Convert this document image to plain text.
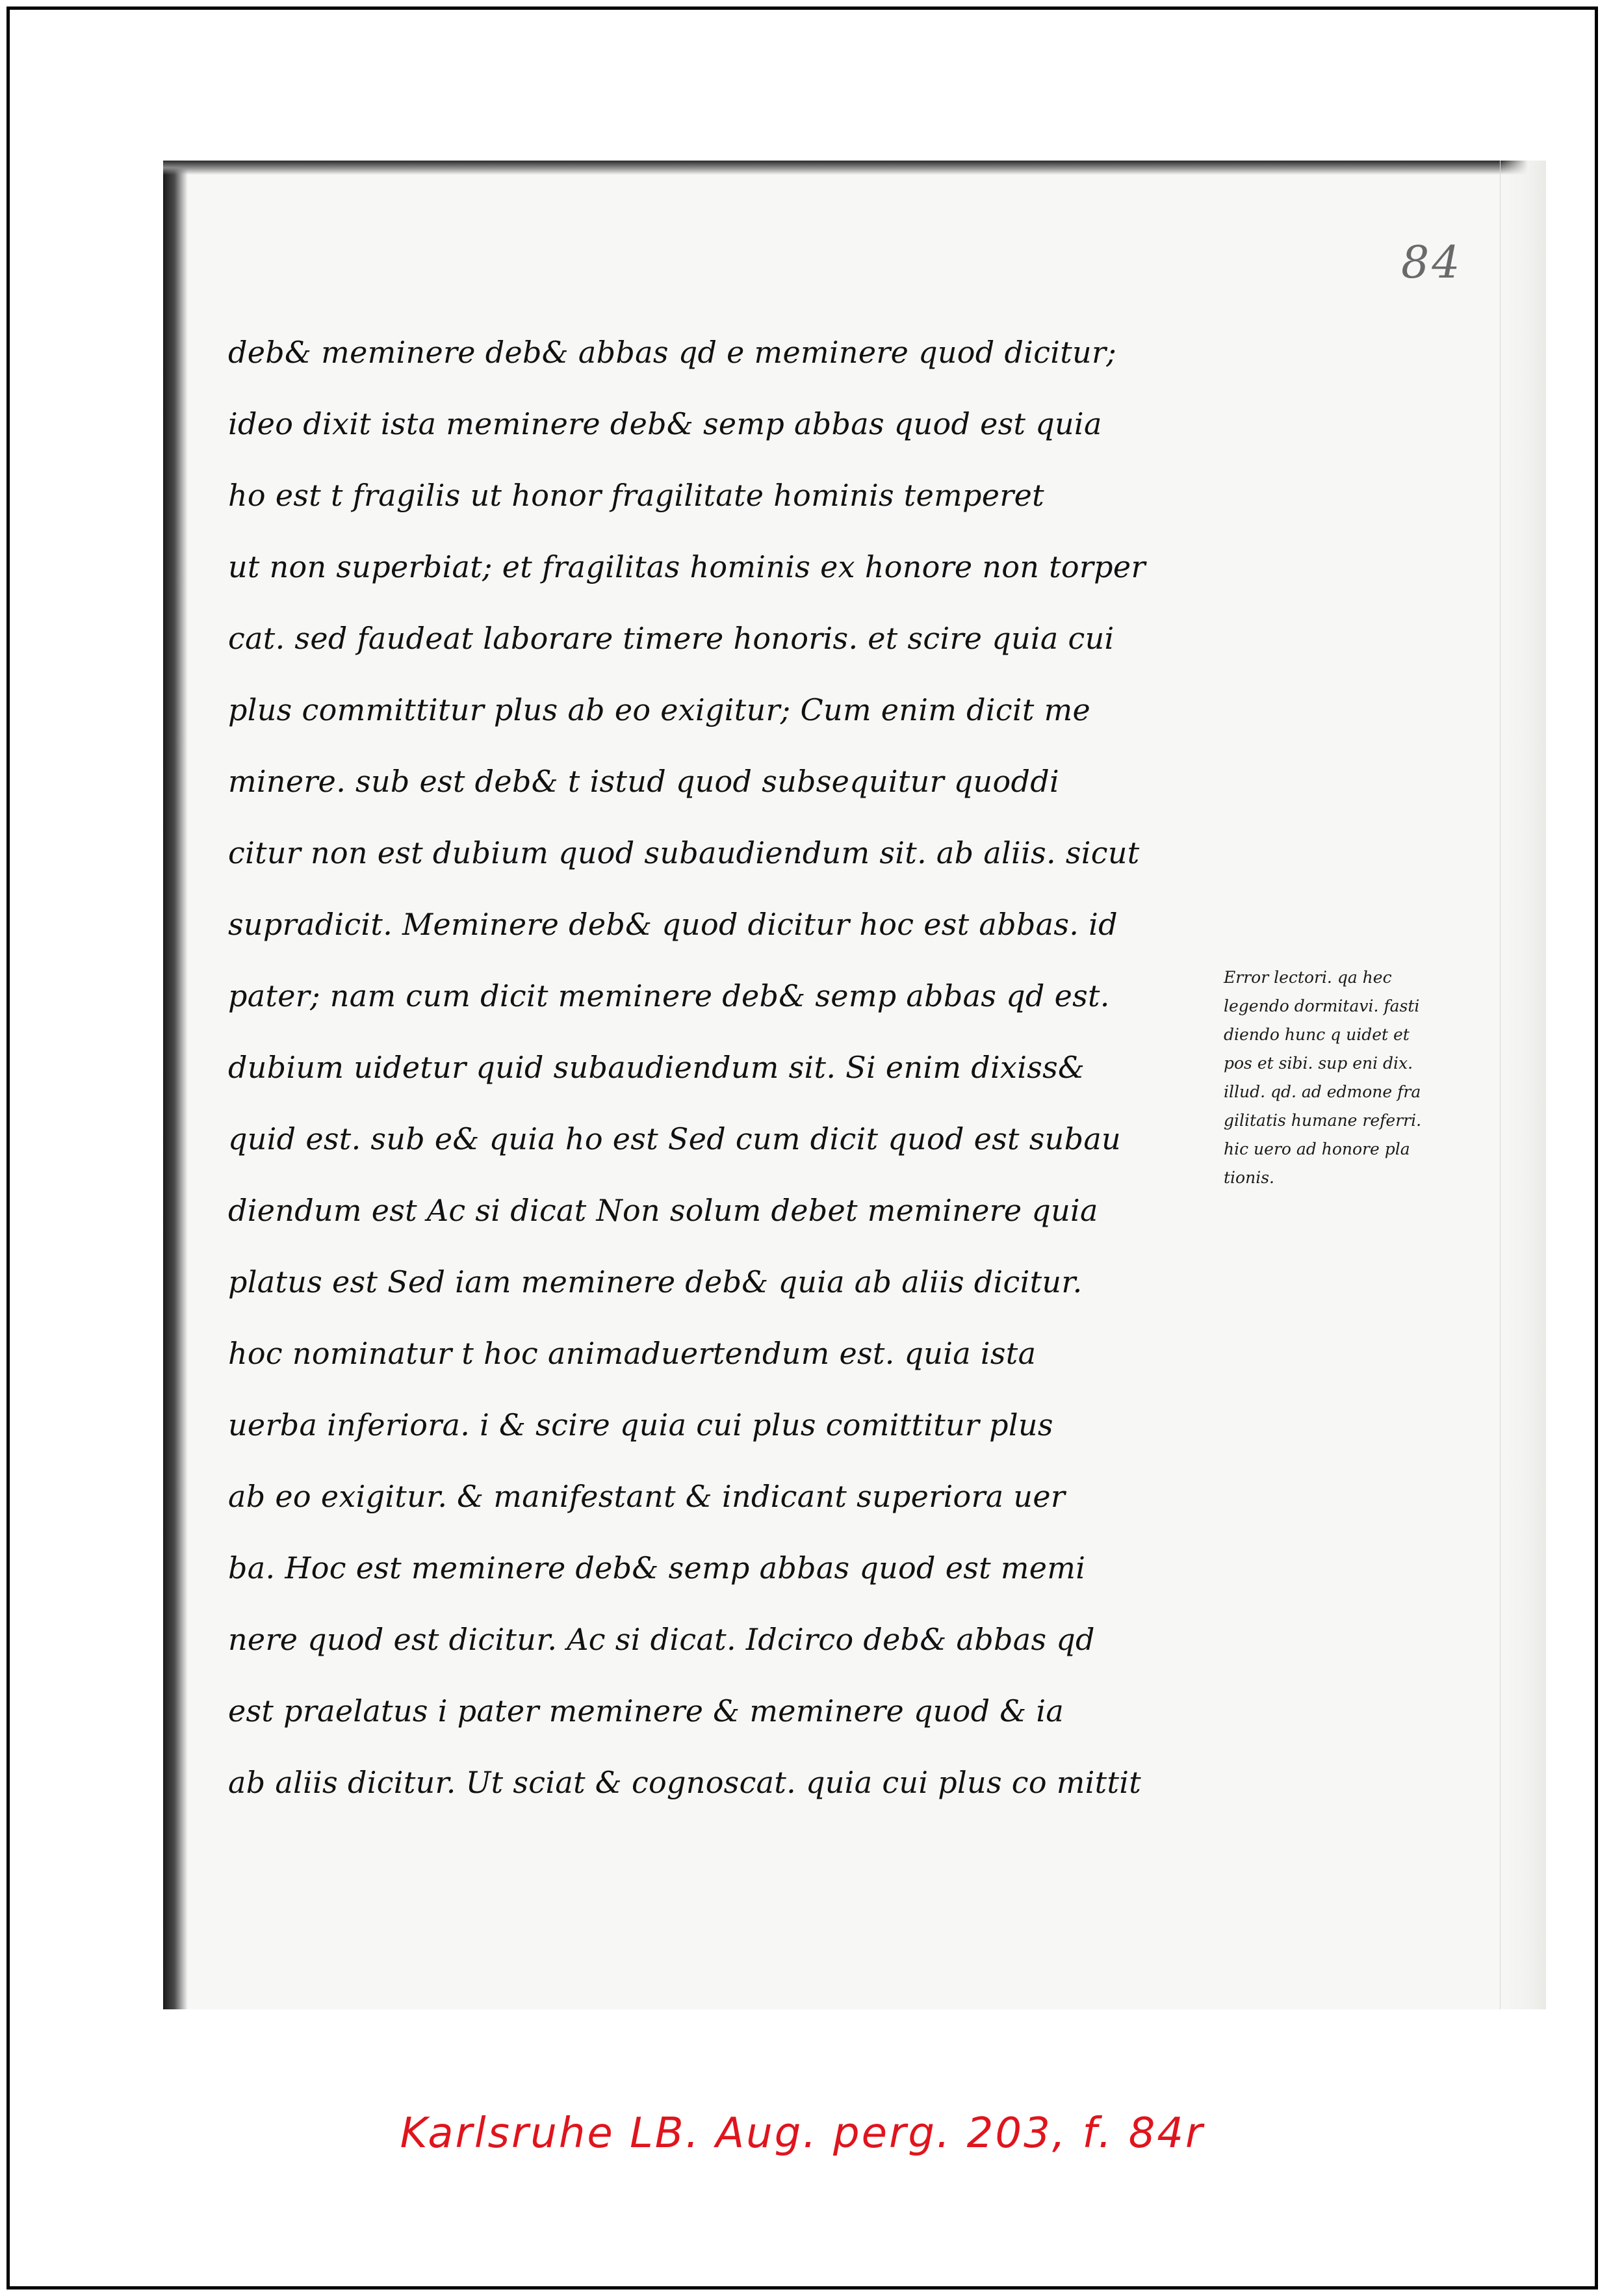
84
deb& meminere deb& abbas qd e meminere quod dicitur;
ideo dixit ista meminere deb& semp abbas quod est quia
ho est t fragilis ut honor fragilitate hominis temperet
ut non superbiat; et fragilitas hominis ex honore non torper
cat. sed faudeat laborare timere honoris. et scire quia cui
plus committitur plus ab eo exigitur; Cum enim dicit me
minere. sub est deb& t istud quod subsequitur quoddi
citur non est dubium quod subaudiendum sit. ab aliis. sicut
supradicit. Meminere deb& quod dicitur hoc est abbas. id
pater; nam cum dicit meminere deb& semp abbas qd est.
dubium uidetur quid subaudiendum sit. Si enim dixiss&
quid est. sub e& quia ho est Sed cum dicit quod est subau
diendum est Ac si dicat Non solum debet meminere quia
platus est Sed iam meminere deb& quia ab aliis dicitur.
hoc nominatur t hoc animaduertendum est. quia ista
uerba inferiora. i & scire quia cui plus comittitur plus
ab eo exigitur. & manifestant & indicant superiora uer
ba. Hoc est meminere deb& semp abbas quod est memi
nere quod est dicitur. Ac si dicat. Idcirco deb& abbas qd
est praelatus i pater meminere & meminere quod & ia
ab aliis dicitur. Ut sciat & cognoscat. quia cui plus co mittit
Error lectori. qa hec
legendo dormitavi. fasti
diendo hunc q uidet et
pos et sibi. sup eni dix.
illud. qd. ad edmone fra
gilitatis humane referri.
hic uero ad honore pla
tionis.
Karlsruhe LB. Aug. perg. 203, f. 84r
